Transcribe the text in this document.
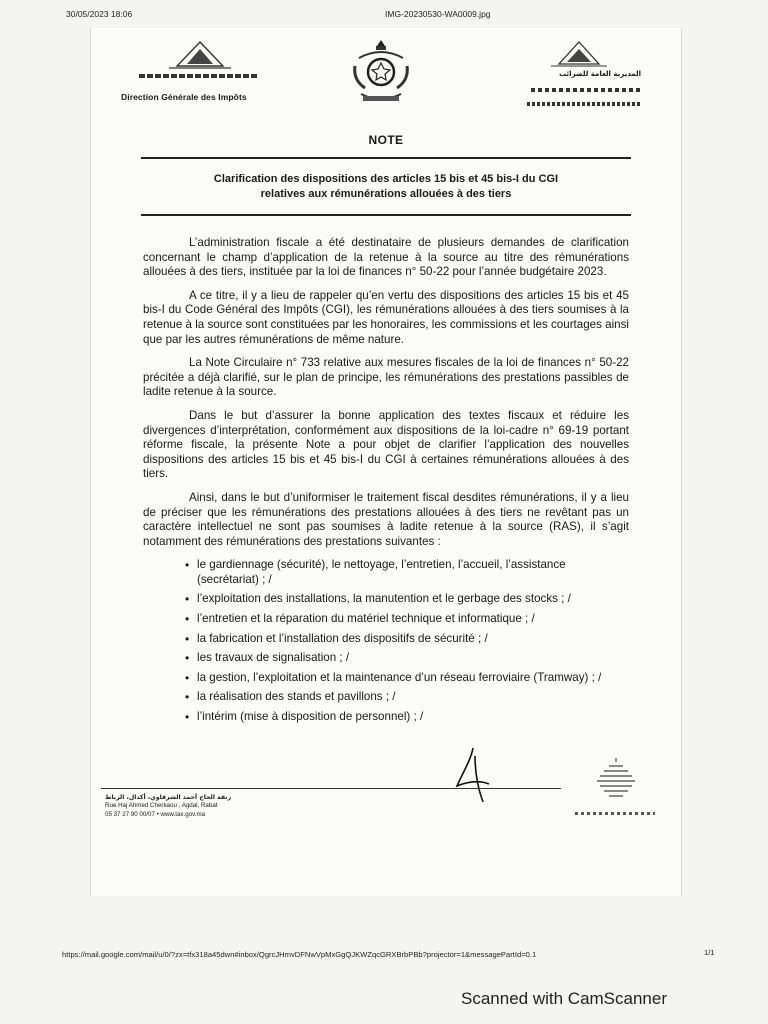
30/05/2023 18:06	IMG-20230530-WA0009.jpg
Direction Générale des Impôts
المديرية العامة للضرائب
NOTE
Clarification des dispositions des articles 15 bis et 45 bis-I du CGI
relatives aux rémunérations allouées à des tiers

L’administration fiscale a été destinataire de plusieurs demandes de clarification concernant le champ d’application de la retenue à la source au titre des rémunérations allouées à des tiers, instituée par la loi de finances n° 50-22 pour l’année budgétaire 2023.

A ce titre, il y a lieu de rappeler qu’en vertu des dispositions des articles 15 bis et 45 bis-I du Code Général des Impôts (CGI), les rémunérations allouées à des tiers soumises à la retenue à la source sont constituées par les honoraires, les commissions et les courtages ainsi que par les autres rémunérations de même nature.

La Note Circulaire n° 733 relative aux mesures fiscales de la loi de finances n° 50-22 précitée a déjà clarifié, sur le plan de principe, les rémunérations des prestations passibles de ladite retenue à la source.

Dans le but d’assurer la bonne application des textes fiscaux et réduire les divergences d’interprétation, conformément aux dispositions de la loi-cadre n° 69-19 portant réforme fiscale, la présente Note a pour objet de clarifier l’application des nouvelles dispositions des articles 15 bis et 45 bis-I du CGI à certaines rémunérations allouées à des tiers.

Ainsi, dans le but d’uniformiser le traitement fiscal desdites rémunérations, il y a lieu de préciser que les rémunérations des prestations allouées à des tiers ne revêtant pas un caractère intellectuel ne sont pas soumises à ladite retenue à la source (RAS), il s’agit notamment des rémunérations des prestations suivantes :

• le gardiennage (sécurité), le nettoyage, l’entretien, l’accueil, l’assistance (secrétariat) ; /
• l’exploitation des installations, la manutention et le gerbage des stocks ; /
• l’entretien et la réparation du matériel technique et informatique ; /
• la fabrication et l’installation des dispositifs de sécurité ; /
• les travaux de signalisation ; /
• la gestion, l’exploitation et la maintenance d’un réseau ferroviaire (Tramway) ; /
• la réalisation des stands et pavillons ; /
• l’intérim (mise à disposition de personnel) ; /
زنقة الحاج أحمد الشرقاوي، أكدال، الرباط
Rue Haj Ahmed Cherkaou , Agdal, Rabat
05 37 27 90 00/07 • www.tax.gov.ma
https://mail.google.com/mail/u/0/?zx=tfx318a45dwn#inbox/QgrcJHmvDFNwVpMxGgQJKWZqcGRXBrbPBb?projector=1&messagePartId=0.1	1/1
Scanned with CamScanner
